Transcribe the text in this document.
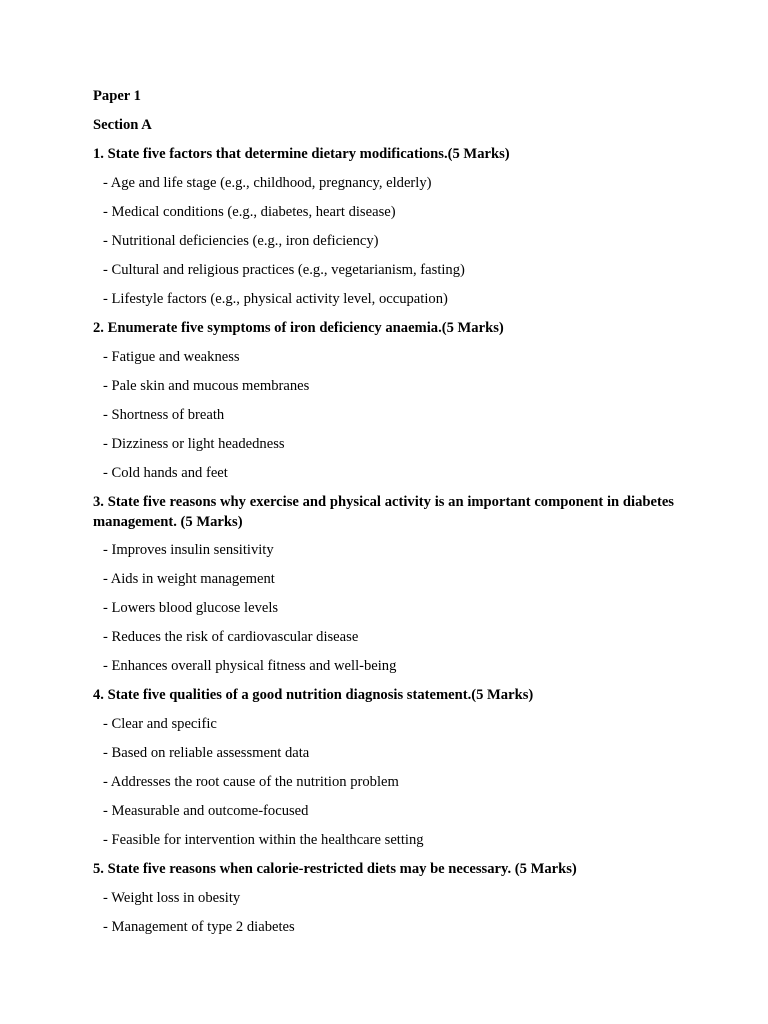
Paper 1
Section A
1. State five factors that determine dietary modifications.(5 Marks)
- Age and life stage (e.g., childhood, pregnancy, elderly)
- Medical conditions (e.g., diabetes, heart disease)
- Nutritional deficiencies (e.g., iron deficiency)
- Cultural and religious practices (e.g., vegetarianism, fasting)
- Lifestyle factors (e.g., physical activity level, occupation)
2. Enumerate five symptoms of iron deficiency anaemia.(5 Marks)
- Fatigue and weakness
- Pale skin and mucous membranes
- Shortness of breath
- Dizziness or light headedness
- Cold hands and feet
3. State five reasons why exercise and physical activity is an important component in diabetes management. (5 Marks)
- Improves insulin sensitivity
- Aids in weight management
- Lowers blood glucose levels
- Reduces the risk of cardiovascular disease
- Enhances overall physical fitness and well-being
4. State five qualities of a good nutrition diagnosis statement.(5 Marks)
- Clear and specific
- Based on reliable assessment data
- Addresses the root cause of the nutrition problem
- Measurable and outcome-focused
- Feasible for intervention within the healthcare setting
5. State five reasons when calorie-restricted diets may be necessary. (5 Marks)
- Weight loss in obesity
- Management of type 2 diabetes
